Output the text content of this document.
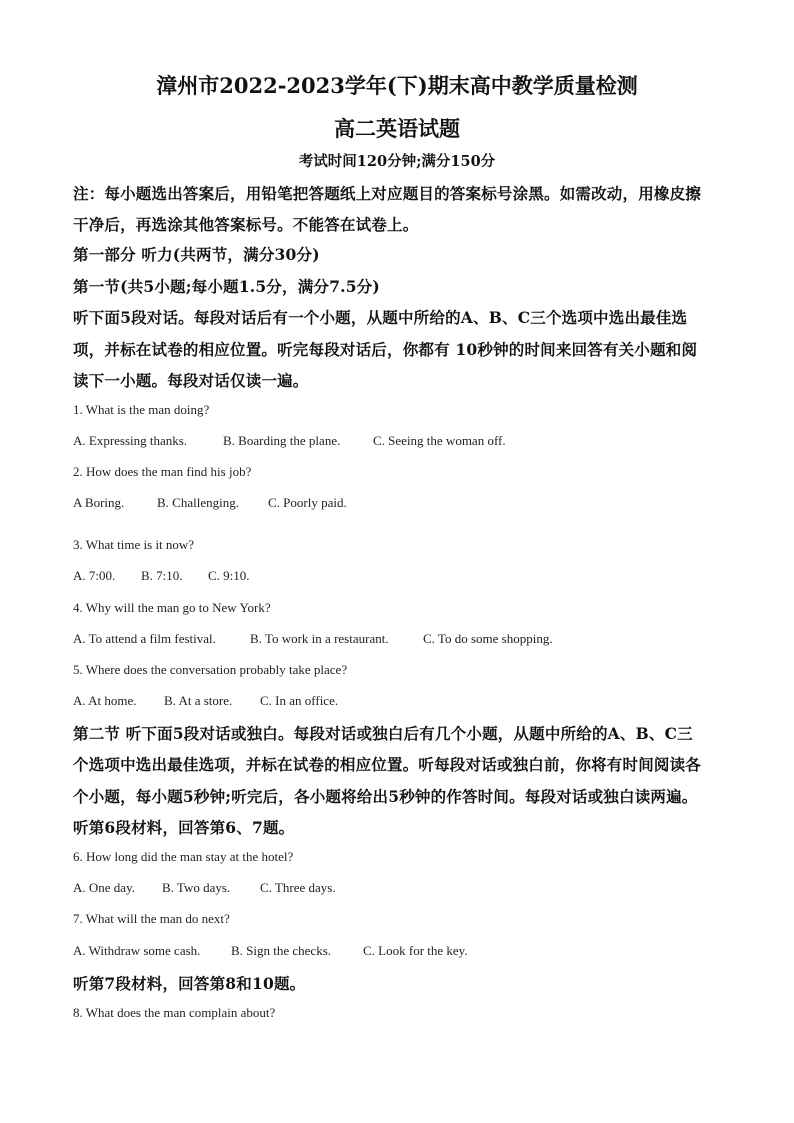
漳州市2022-2023学年(下)期末高中教学质量检测
高二英语试题
考试时间120分钟;满分150分
注：每小题选出答案后，用铅笔把答题纸上对应题目的答案标号涂黑。如需改动，用橡皮擦
干净后，再选涂其他答案标号。不能答在试卷上。
第一部分 听力(共两节，满分30分)
第一节(共5小题;每小题1.5分，满分7.5分)
听下面5段对话。每段对话后有一个小题，从题中所给的A、B、C三个选项中选出最佳选
项，并标在试卷的相应位置。听完每段对话后，你都有 10秒钟的时间来回答有关小题和阅
读下一小题。每段对话仅读一遍。
1. What is the man doing?
A. Expressing thanks.	B. Boarding the plane.	C. Seeing the woman off.
2. How does the man find his job?
A Boring.	B. Challenging. C. Poorly paid.
3. What time is it now?
A. 7:00. B. 7:10. C. 9:10.
4. Why will the man go to New York?
A. To attend a film festival.	B. To work in a restaurant.	C. To do some shopping.
5. Where does the conversation probably take place?
A. At home. B. At a store. C. In an office.
第二节 听下面5段对话或独白。每段对话或独白后有几个小题，从题中所给的A、B、C三
个选项中选出最佳选项，并标在试卷的相应位置。听每段对话或独白前，你将有时间阅读各
个小题，每小题5秒钟;听完后，各小题将给出5秒钟的作答时间。每段对话或独白读两遍。
听第6段材料，回答第6、7题。
6. How long did the man stay at the hotel?
A. One day. B. Two days. C. Three days.
7. What will the man do next?
A. Withdraw some cash. B. Sign the checks. C. Look for the key.
听第7段材料，回答第8和10题。
8. What does the man complain about?
